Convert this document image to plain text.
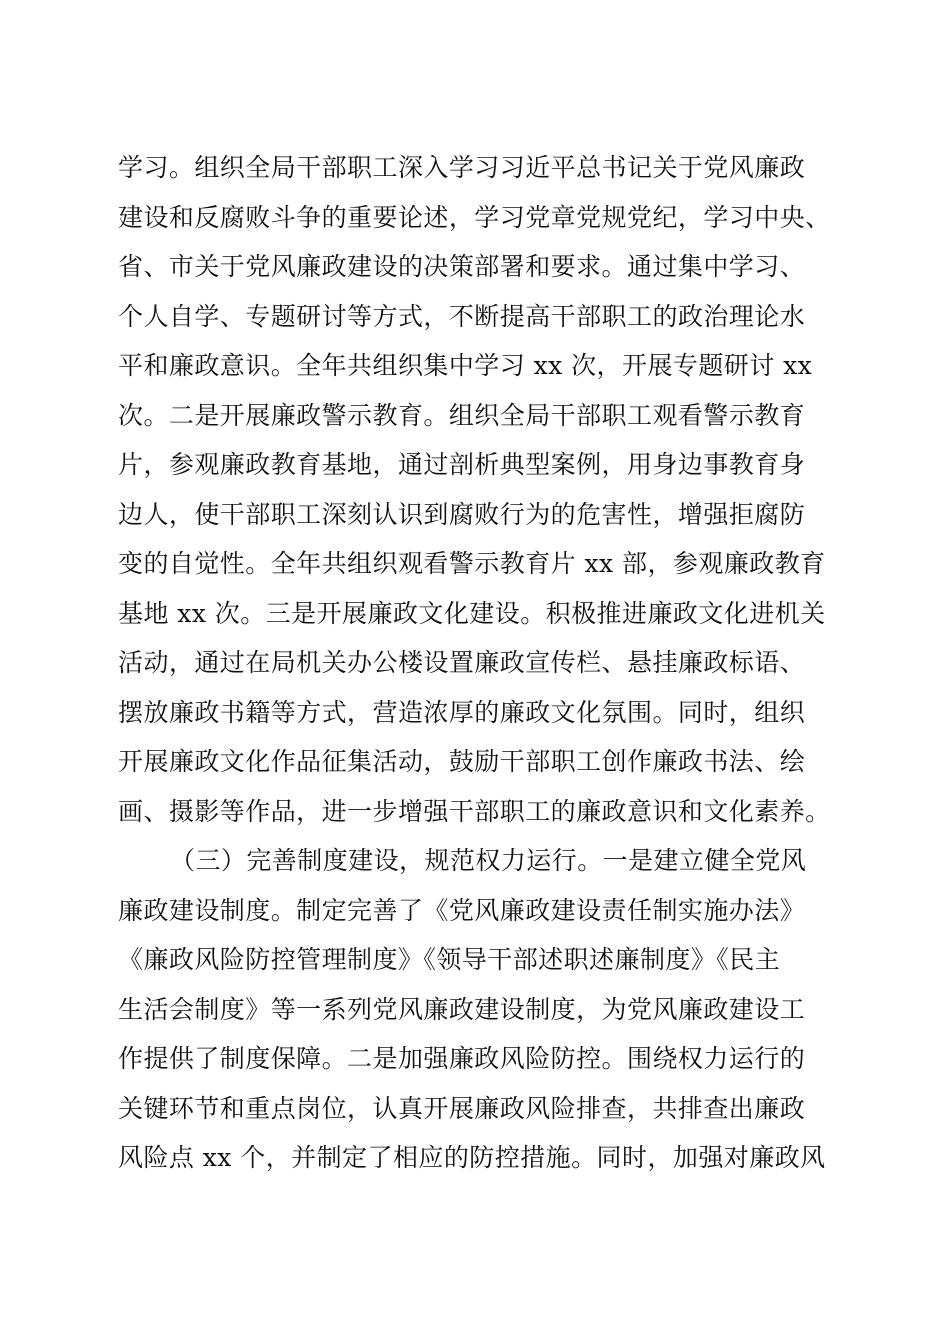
学习。组织全局干部职工深入学习习近平总书记关于党风廉政
建设和反腐败斗争的重要论述，学习党章党规党纪，学习中央、
省、市关于党风廉政建设的决策部署和要求。通过集中学习、
个人自学、专题研讨等方式，不断提高干部职工的政治理论水
平和廉政意识。全年共组织集中学习 xx 次，开展专题研讨 xx
次。二是开展廉政警示教育。组织全局干部职工观看警示教育
片，参观廉政教育基地，通过剖析典型案例，用身边事教育身
边人，使干部职工深刻认识到腐败行为的危害性，增强拒腐防
变的自觉性。全年共组织观看警示教育片 xx 部，参观廉政教育
基地 xx 次。三是开展廉政文化建设。积极推进廉政文化进机关
活动，通过在局机关办公楼设置廉政宣传栏、悬挂廉政标语、
摆放廉政书籍等方式，营造浓厚的廉政文化氛围。同时，组织
开展廉政文化作品征集活动，鼓励干部职工创作廉政书法、绘
画、摄影等作品，进一步增强干部职工的廉政意识和文化素养。
（三）完善制度建设，规范权力运行。一是建立健全党风
廉政建设制度。制定完善了《党风廉政建设责任制实施办法》
《廉政风险防控管理制度》《领导干部述职述廉制度》《民主
生活会制度》等一系列党风廉政建设制度，为党风廉政建设工
作提供了制度保障。二是加强廉政风险防控。围绕权力运行的
关键环节和重点岗位，认真开展廉政风险排查，共排查出廉政
风险点 xx 个，并制定了相应的防控措施。同时，加强对廉政风
